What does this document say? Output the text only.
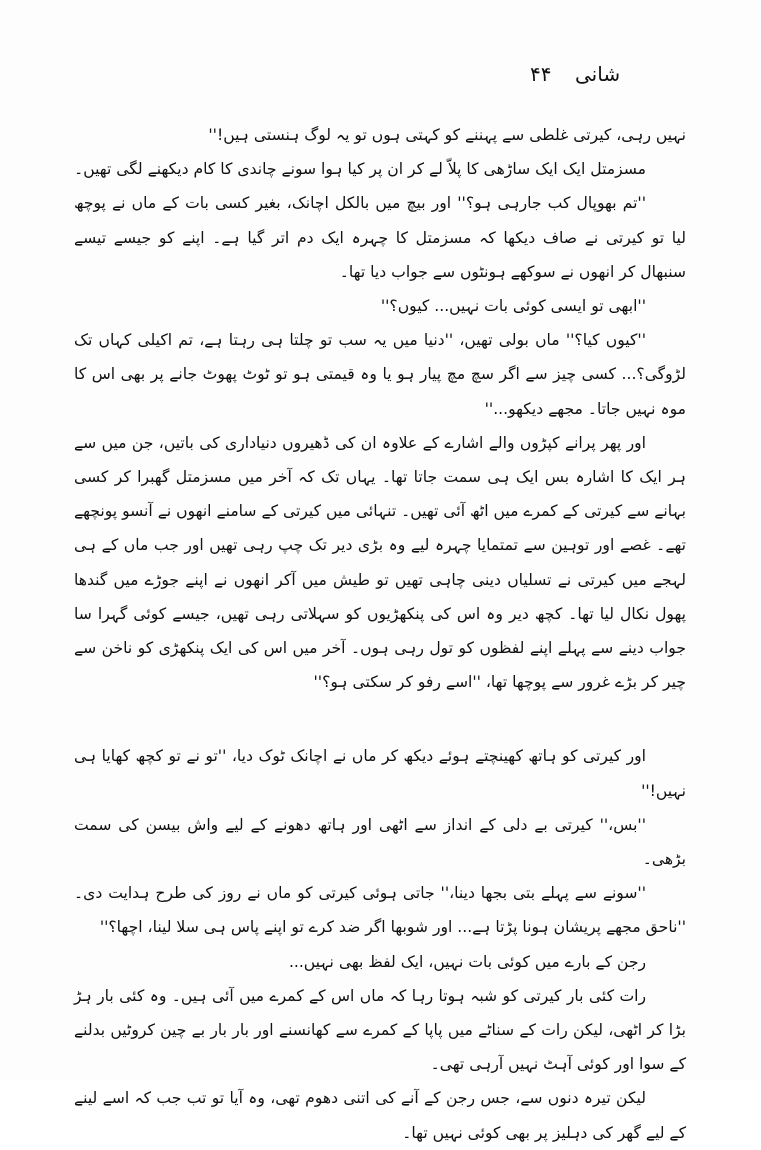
۴۴ شانی

نہیں رہی، کیرتی غلطی سے پہننے کو کہتی ہوں تو یہ لوگ ہنستی ہیں!''

مسزمتل ایک ایک ساڑھی کا پلاّ لے کر ان پر کیا ہوا سونے چاندی کا کام دیکھنے لگی تھیں۔

''تم بھوپال کب جارہی ہو؟'' اور بیچ میں بالکل اچانک، بغیر کسی بات کے ماں نے پوچھ لیا تو کیرتی نے صاف دیکھا کہ مسزمتل کا چہرہ ایک دم اتر گیا ہے۔ اپنے کو جیسے تیسے سنبھال کر انھوں نے سوکھے ہونٹوں سے جواب دیا تھا۔

''ابھی تو ایسی کوئی بات نہیں... کیوں؟''

''کیوں کیا؟'' ماں بولی تھیں، ''دنیا میں یہ سب تو چلتا ہی رہتا ہے، تم اکیلی کہاں تک لڑوگی؟... کسی چیز سے اگر سچ مچ پیار ہو یا وہ قیمتی ہو تو ٹوٹ پھوٹ جانے پر بھی اس کا موہ نہیں جاتا۔ مجھے دیکھو...''

اور پھر پرانے کپڑوں والے اشارے کے علاوہ ان کی ڈھیروں دنیاداری کی باتیں، جن میں سے ہر ایک کا اشارہ بس ایک ہی سمت جاتا تھا۔ یہاں تک کہ آخر میں مسزمتل گھبرا کر کسی بہانے سے کیرتی کے کمرے میں اٹھ آئی تھیں۔ تنہائی میں کیرتی کے سامنے انھوں نے آنسو پونچھے تھے۔ غصے اور توہین سے تمتمایا چہرہ لیے وہ بڑی دیر تک چپ رہی تھیں اور جب ماں کے ہی لہجے میں کیرتی نے تسلیاں دینی چاہی تھیں تو طیش میں آکر انھوں نے اپنے جوڑے میں گندھا پھول نکال لیا تھا۔ کچھ دیر وہ اس کی پنکھڑیوں کو سہلاتی رہی تھیں، جیسے کوئی گہرا سا جواب دینے سے پہلے اپنے لفظوں کو تول رہی ہوں۔ آخر میں اس کی ایک پنکھڑی کو ناخن سے چیر کر بڑے غرور سے پوچھا تھا، ''اسے رفو کر سکتی ہو؟''

اور کیرتی کو ہاتھ کھینچتے ہوئے دیکھ کر ماں نے اچانک ٹوک دیا، ''تو نے تو کچھ کھایا ہی نہیں!''

''بس،'' کیرتی بے دلی کے انداز سے اٹھی اور ہاتھ دھونے کے لیے واش بیسن کی سمت بڑھی۔

''سونے سے پہلے بتی بجھا دینا،'' جاتی ہوئی کیرتی کو ماں نے روز کی طرح ہدایت دی۔ ''ناحق مجھے پریشان ہونا پڑتا ہے... اور شوبھا اگر ضد کرے تو اپنے پاس ہی سلا لینا، اچھا؟''

رجن کے بارے میں کوئی بات نہیں، ایک لفظ بھی نہیں...

رات کئی بار کیرتی کو شبہ ہوتا رہا کہ ماں اس کے کمرے میں آئی ہیں۔ وہ کئی بار ہڑ بڑا کر اٹھی، لیکن رات کے سناٹے میں پاپا کے کمرے سے کھانسنے اور بار بار بے چین کروٹیں بدلنے کے سوا اور کوئی آہٹ نہیں آرہی تھی۔

لیکن تیرہ دنوں سے، جس رجن کے آنے کی اتنی دھوم تھی، وہ آیا تو تب جب کہ اسے لینے کے لیے گھر کی دہلیز پر بھی کوئی نہیں تھا۔
